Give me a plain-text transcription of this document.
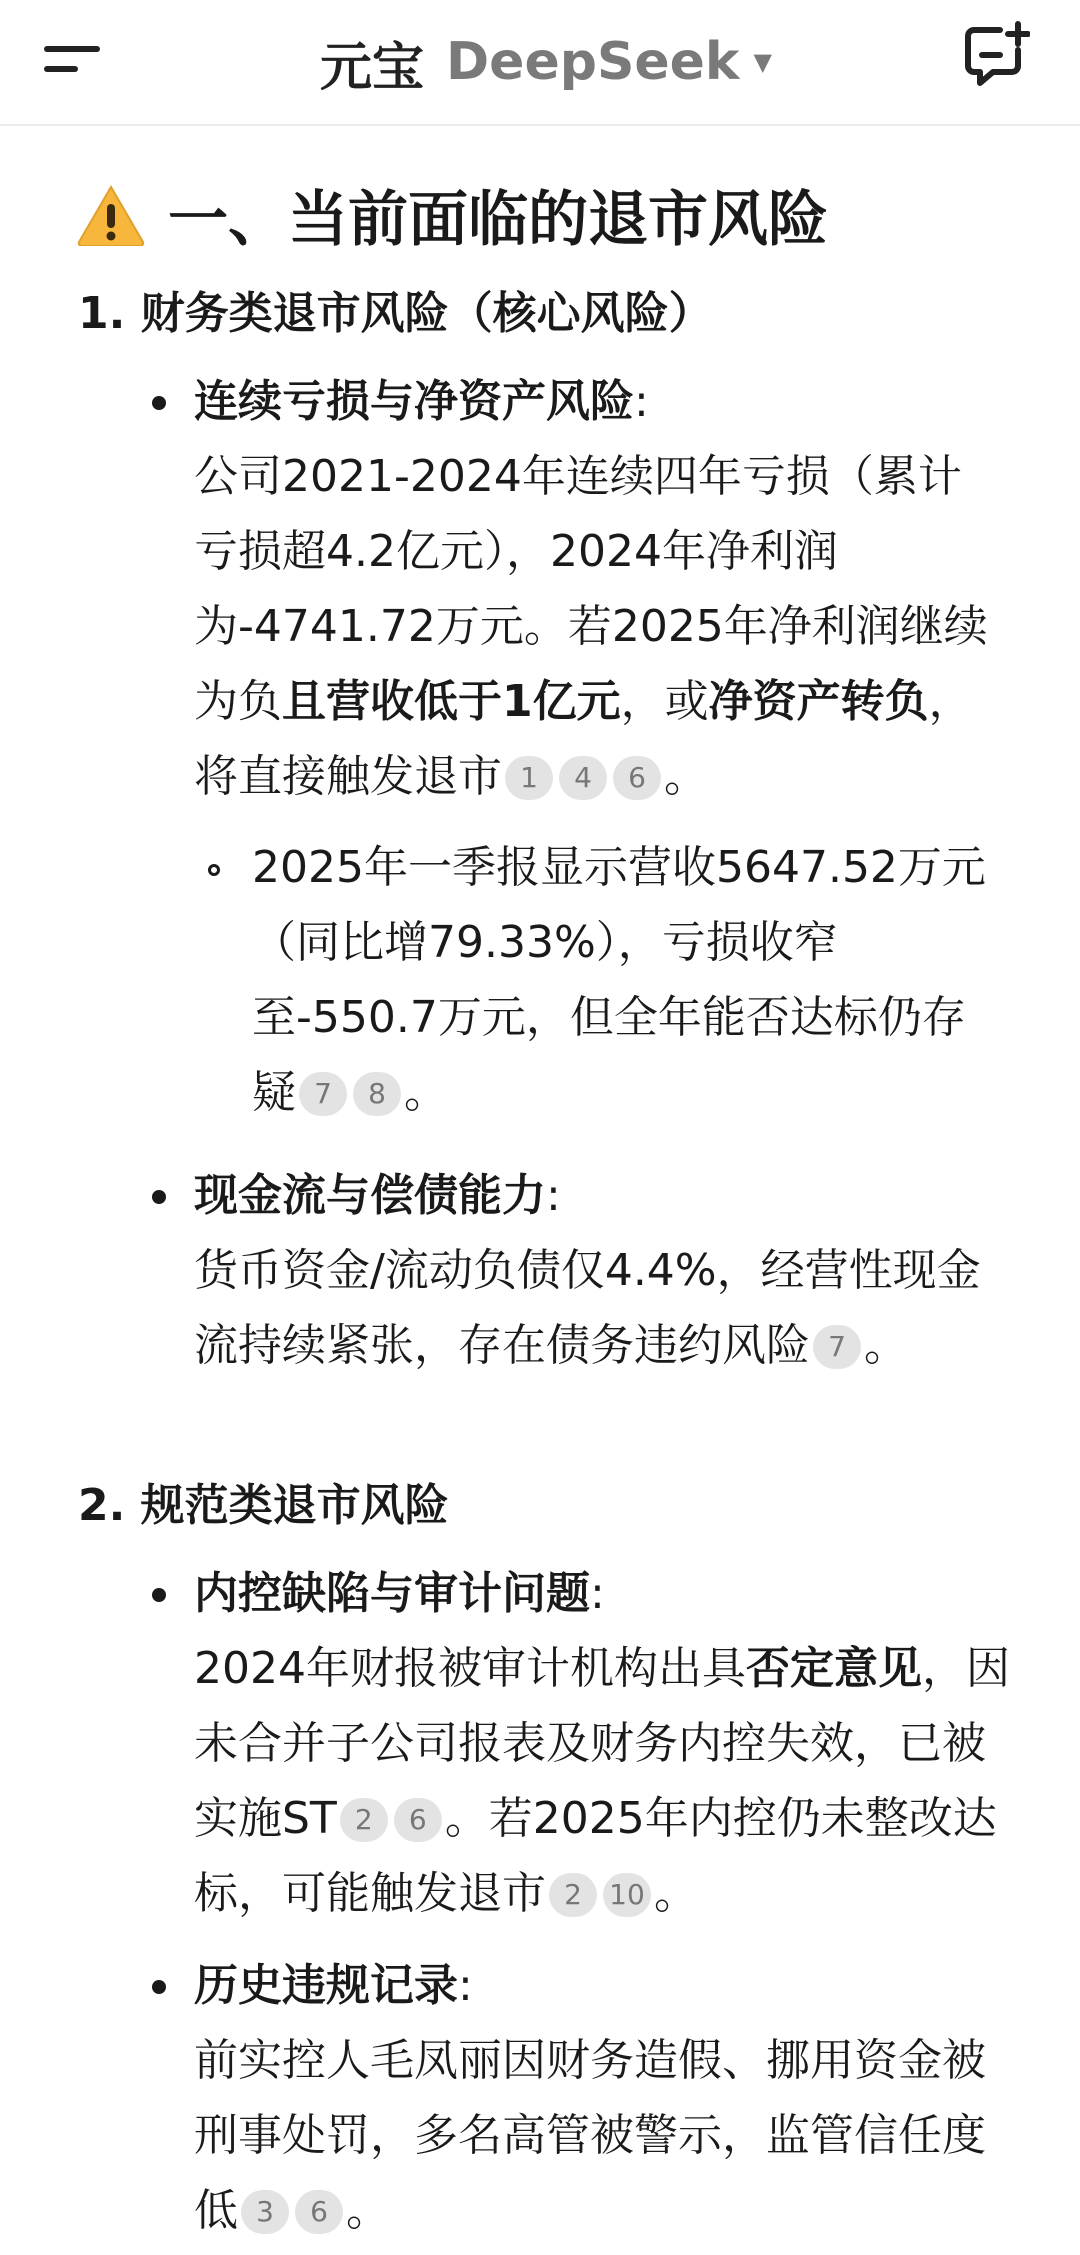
元宝 DeepSeek ▼
一、当前面临的退市风险
1. 财务类退市风险（核心风险）
连续亏损与净资产风险:
公司2021-2024年连续四年亏损（累计亏损超4.2亿元），2024年净利润为-4741.72万元。若2025年净利润继续为负且营收低于1亿元，或净资产转负，将直接触发退市 1 4 6 。
2025年一季报显示营收5647.52万元（同比增79.33%），亏损收窄至-550.7万元，但全年能否达标仍存疑 7 8 。
现金流与偿债能力:
货币资金/流动负债仅4.4%，经营性现金流持续紧张，存在债务违约风险 7 。
2. 规范类退市风险
内控缺陷与审计问题:
2024年财报被审计机构出具否定意见，因未合并子公司报表及财务内控失效，已被实施ST 2 6 。若2025年内控仍未整改达标，可能触发退市 2 10 。
历史违规记录:
前实控人毛凤丽因财务造假、挪用资金被刑事处罚，多名高管被警示，监管信任度低 3 6 。
